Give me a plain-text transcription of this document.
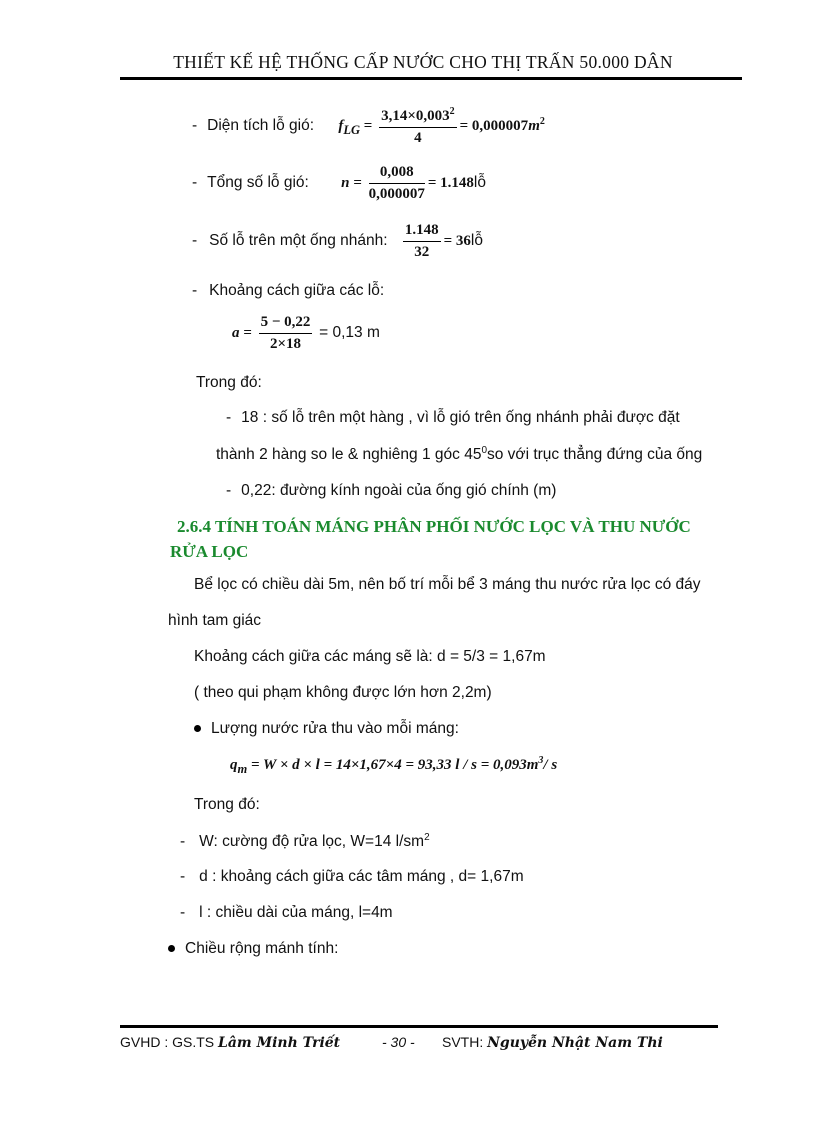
THIẾT KẾ HỆ THỐNG CẤP NƯỚC CHO THỊ TRẤN 50.000 DÂN
- Diện tích lỗ gió: $f_{LG} = \frac{3,14\times 0,003^2}{4} = 0,000007m^2$
- Tổng số lỗ gió: $n = \frac{0,008}{0,000007}$ = 1.148lỗ
- Số lỗ trên một ống nhánh: $\frac{1.148}{32}$ = 36lỗ
- Khoảng cách giữa các lỗ:
$a = \frac{5 - 0,22}{2\times 18} = 0,13$ m
Trong đó:
- 18 : số lỗ trên một hàng , vì lỗ gió trên ống nhánh phải được đặt
thành 2 hàng so le & nghiêng 1 góc $45^0so$ với trục thẳng đứng của ống
- 0,22: đường kính ngoài của ống gió chính (m)
2.6.4 TÍNH TOÁN MÁNG PHÂN PHỐI NƯỚC LỌC VÀ THU NƯỚC
RỬA LỌC
Bể lọc có chiều dài 5m, nên bố trí mỗi bể 3 máng thu nước rửa lọc có đáy
hình tam giác
Khoảng cách giữa các máng sẽ là: d = 5/3 = 1,67m
( theo qui phạm không được lớn hơn 2,2m)
Lượng nước rửa thu vào mỗi máng:
$q_m = W \times d \times l = 14\times 1,67\times 4 = 93,33$ $l / s = 0,093m^3/$ s
Trong đó:
- W: cường độ rửa lọc, W=14 $l/sm^2$
- d : khoảng cách giữa các tâm máng , d= 1,67m
- l : chiều dài của máng, l=4m
Chiều rộng mánh tính:
GVHD : GS.TS Lâm Minh Triết	- 30 - SVTH: Nguyễn Nhật Nam Thi
